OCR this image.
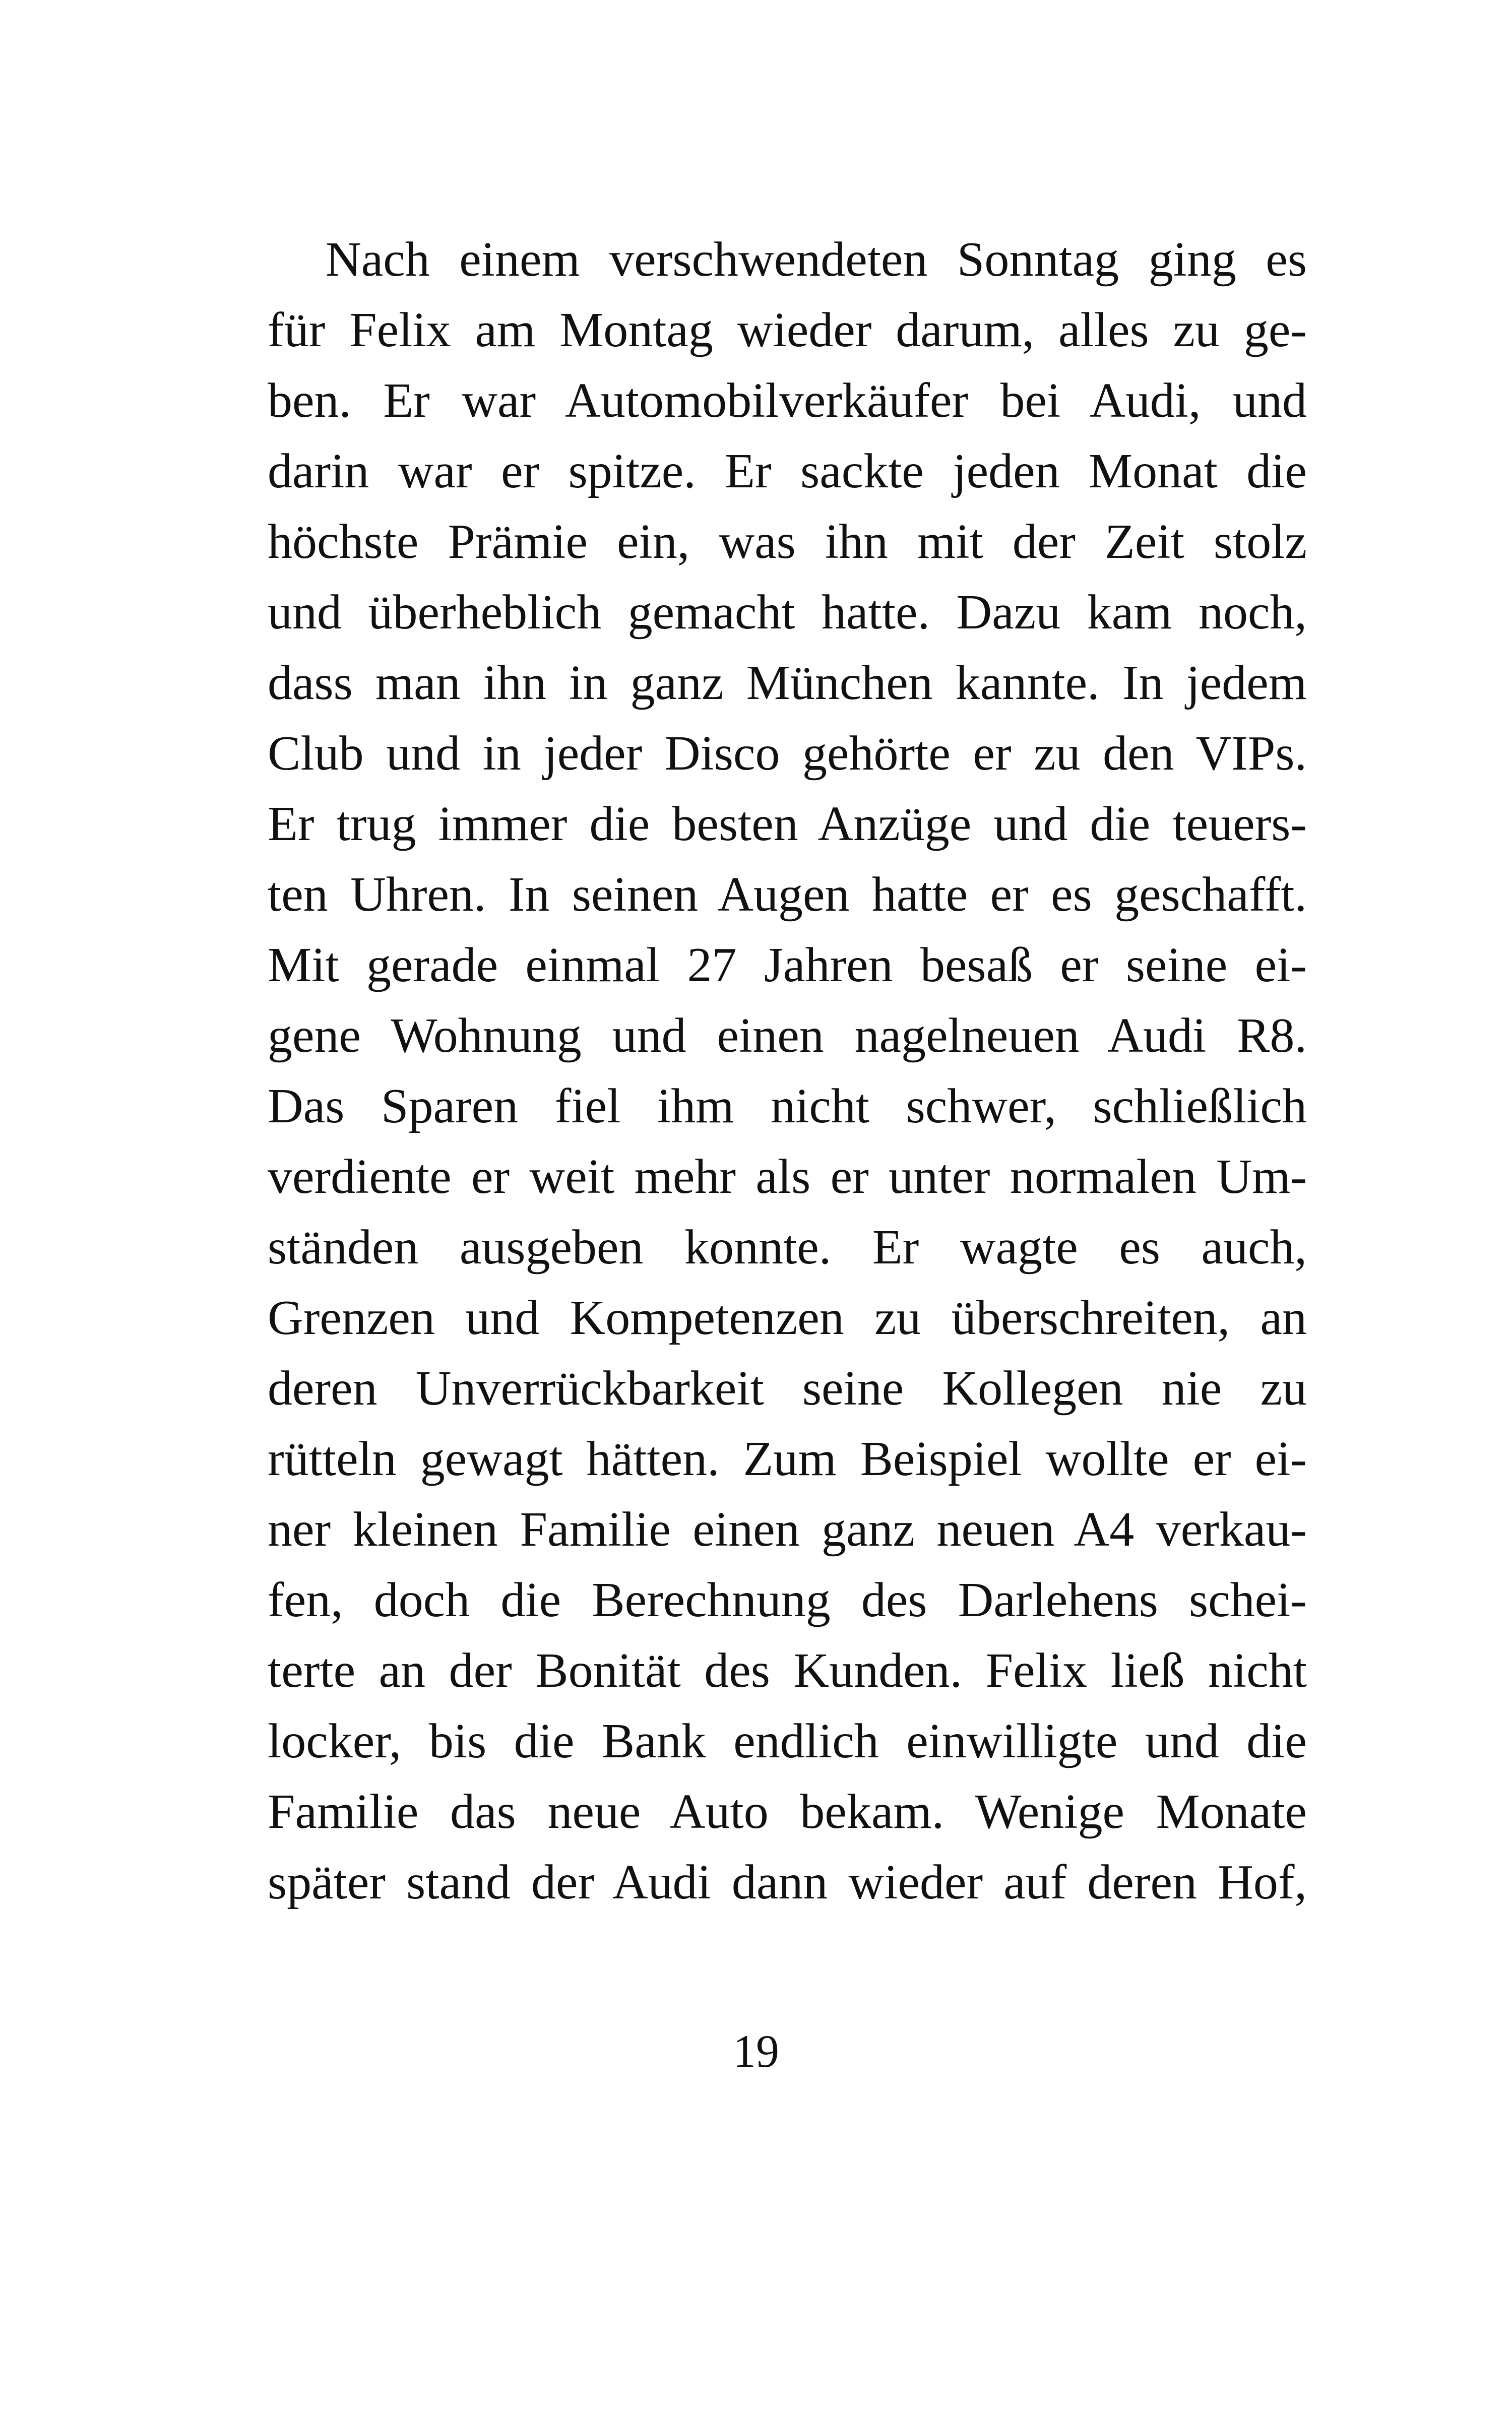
Nach einem verschwendeten Sonntag ging es
für Felix am Montag wieder darum, alles zu ge-
ben. Er war Automobilverkäufer bei Audi, und
darin war er spitze. Er sackte jeden Monat die
höchste Prämie ein, was ihn mit der Zeit stolz
und überheblich gemacht hatte. Dazu kam noch,
dass man ihn in ganz München kannte. In jedem
Club und in jeder Disco gehörte er zu den VIPs.
Er trug immer die besten Anzüge und die teuers-
ten Uhren. In seinen Augen hatte er es geschafft.
Mit gerade einmal 27 Jahren besaß er seine ei-
gene Wohnung und einen nagelneuen Audi R8.
Das Sparen fiel ihm nicht schwer, schließlich
verdiente er weit mehr als er unter normalen Um-
ständen ausgeben konnte. Er wagte es auch,
Grenzen und Kompetenzen zu überschreiten, an
deren Unverrückbarkeit seine Kollegen nie zu
rütteln gewagt hätten. Zum Beispiel wollte er ei-
ner kleinen Familie einen ganz neuen A4 verkau-
fen, doch die Berechnung des Darlehens schei-
terte an der Bonität des Kunden. Felix ließ nicht
locker, bis die Bank endlich einwilligte und die
Familie das neue Auto bekam. Wenige Monate
später stand der Audi dann wieder auf deren Hof,
19
